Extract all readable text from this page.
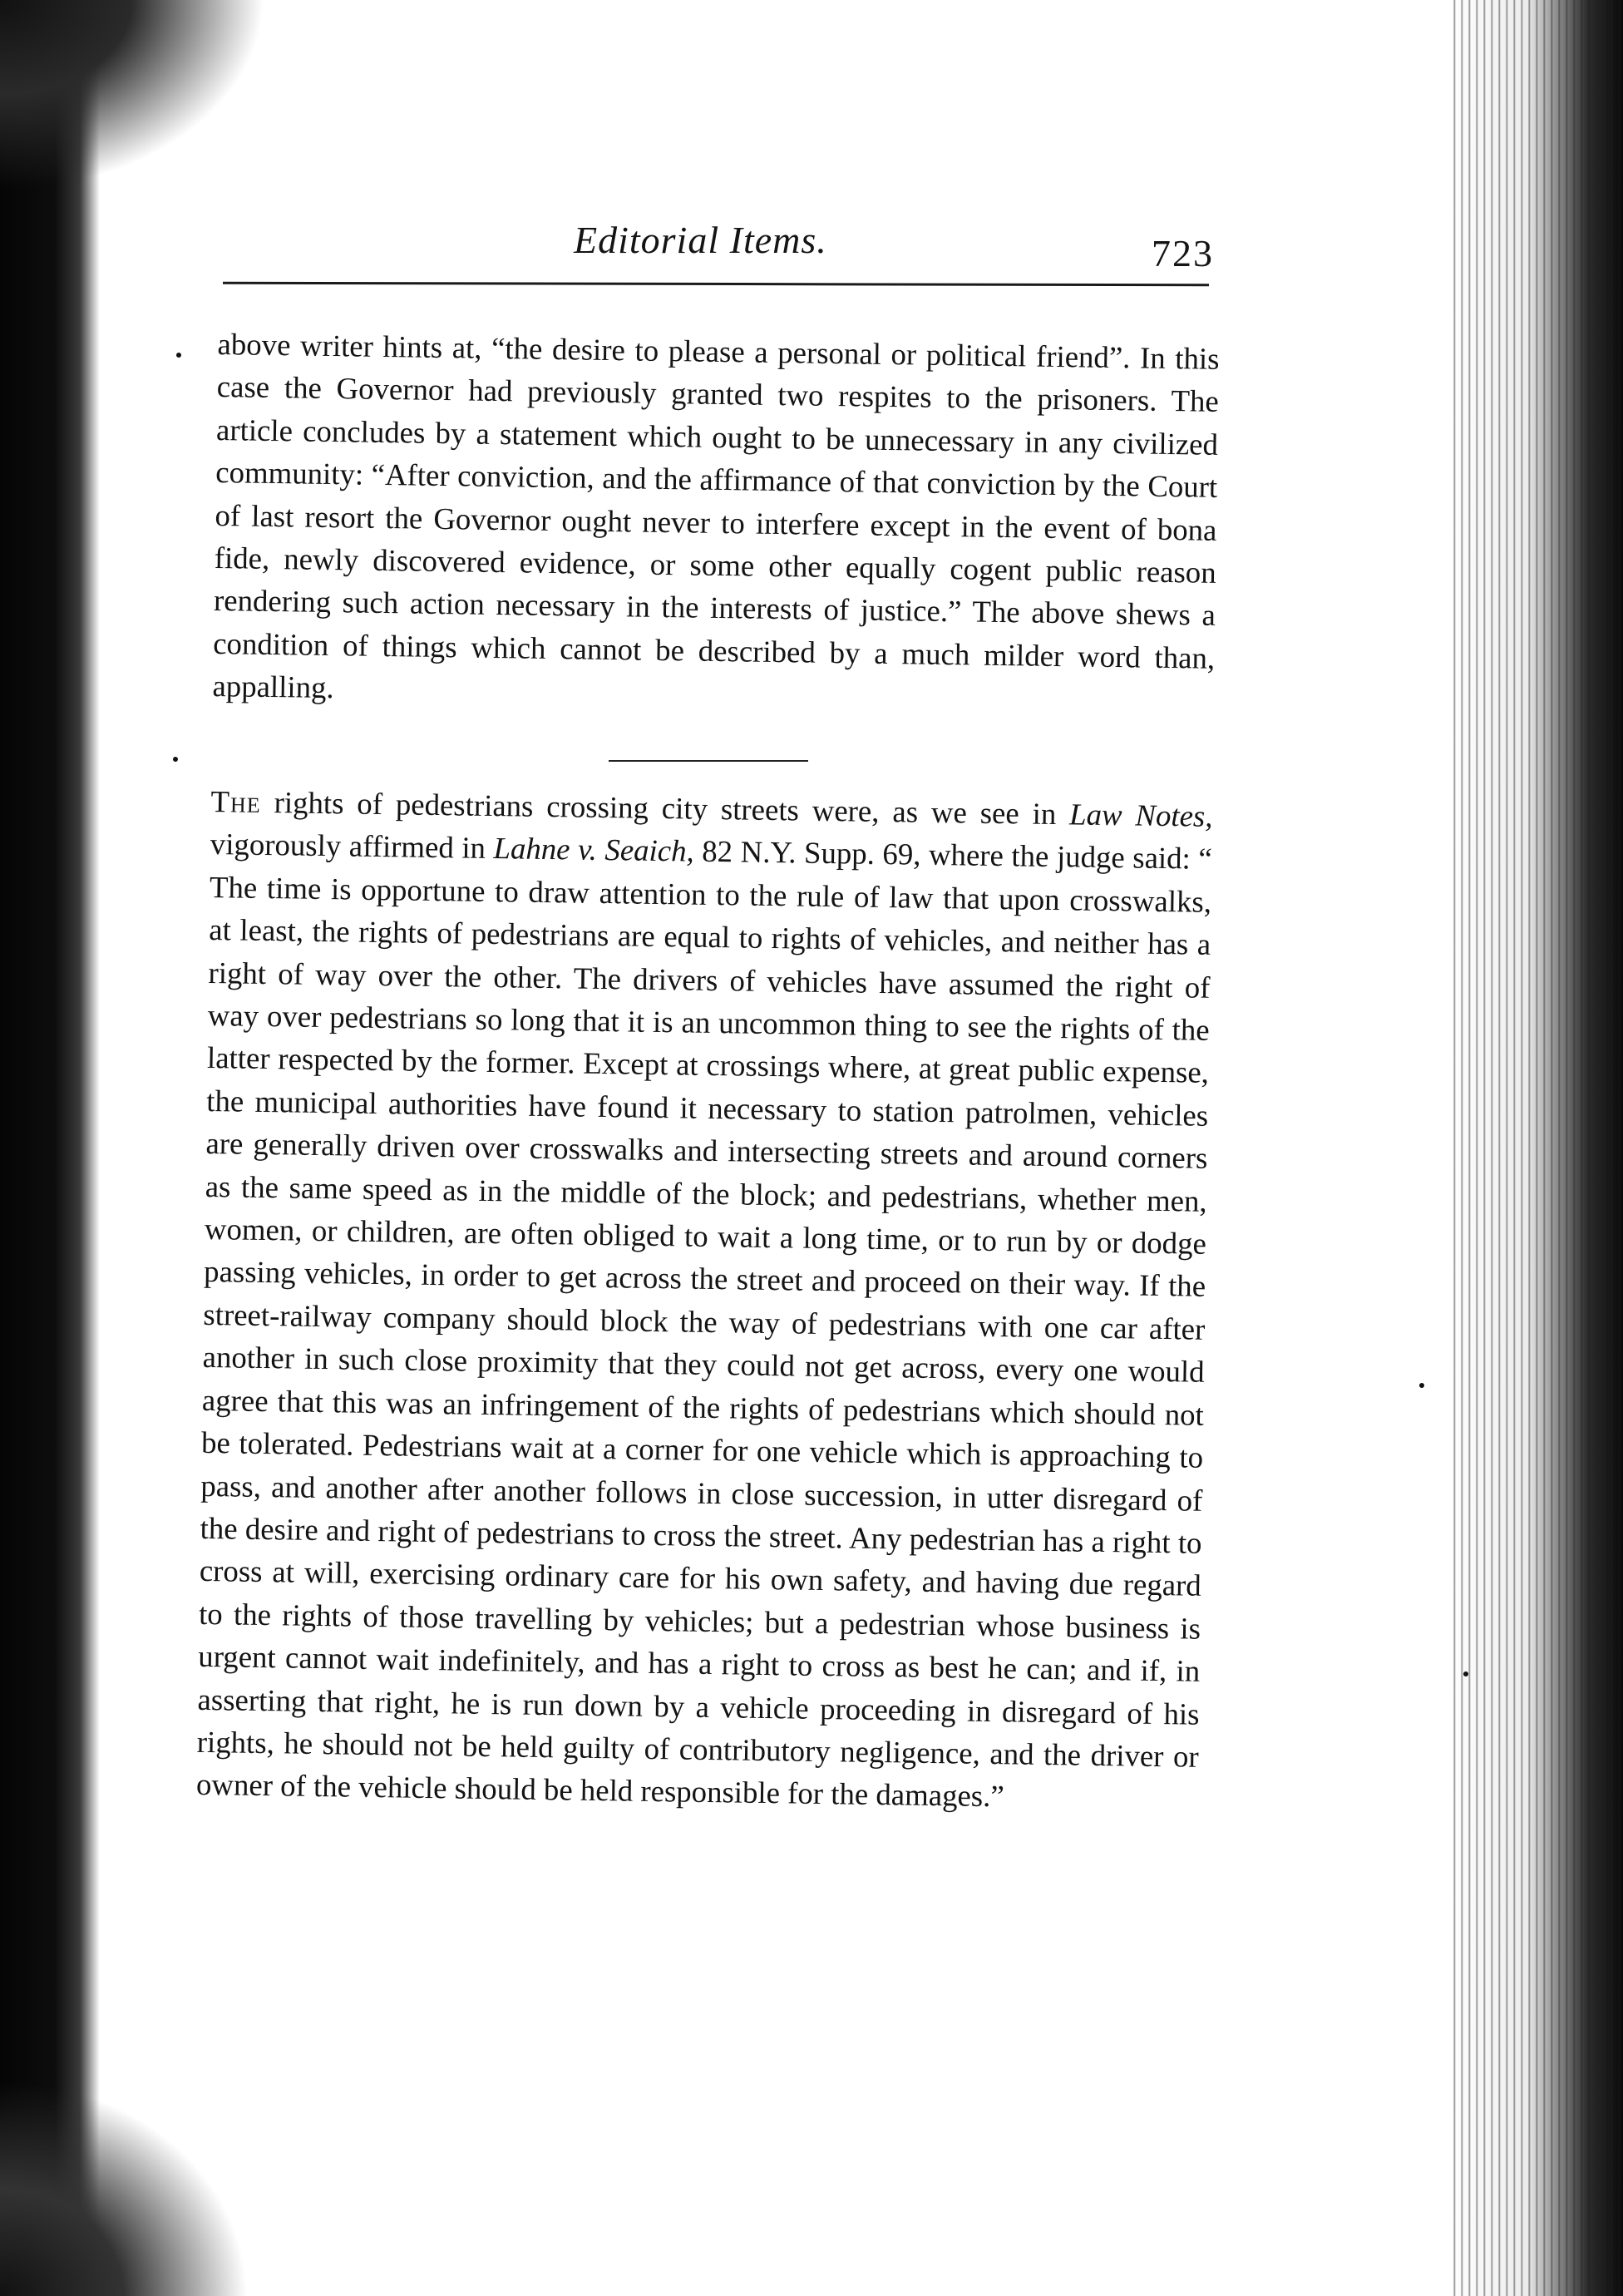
Editorial Items.	723

above writer hints at, “the desire to please a personal or political friend”. In this case the Governor had previously granted two respites to the prisoners. The article concludes by a statement which ought to be unnecessary in any civilized community: “After conviction, and the affirmance of that conviction by the Court of last resort the Governor ought never to interfere except in the event of bona fide, newly discovered evidence, or some other equally cogent public reason rendering such action necessary in the interests of justice.” The above shews a condition of things which cannot be described by a much milder word than, appalling.

The rights of pedestrians crossing city streets were, as we see in Law Notes, vigorously affirmed in Lahne v. Seaich, 82 N.Y. Supp. 69, where the judge said: “ The time is opportune to draw attention to the rule of law that upon crosswalks, at least, the rights of pedestrians are equal to rights of vehicles, and neither has a right of way over the other. The drivers of vehicles have assumed the right of way over pedestrians so long that it is an uncommon thing to see the rights of the latter respected by the former. Except at crossings where, at great public expense, the municipal authorities have found it necessary to station patrolmen, vehicles are generally driven over crosswalks and intersecting streets and around corners as the same speed as in the middle of the block; and pedestrians, whether men, women, or children, are often obliged to wait a long time, or to run by or dodge passing vehicles, in order to get across the street and proceed on their way. If the street-railway company should block the way of pedestrians with one car after another in such close proximity that they could not get across, every one would agree that this was an infringement of the rights of pedestrians which should not be tolerated. Pedestrians wait at a corner for one vehicle which is approaching to pass, and another after another follows in close succession, in utter disregard of the desire and right of pedestrians to cross the street. Any pedestrian has a right to cross at will, exercising ordinary care for his own safety, and having due regard to the rights of those travelling by vehicles; but a pedestrian whose business is urgent cannot wait indefinitely, and has a right to cross as best he can; and if, in asserting that right, he is run down by a vehicle proceeding in disregard of his rights, he should not be held guilty of contributory negligence, and the driver or owner of the vehicle should be held responsible for the damages.”
